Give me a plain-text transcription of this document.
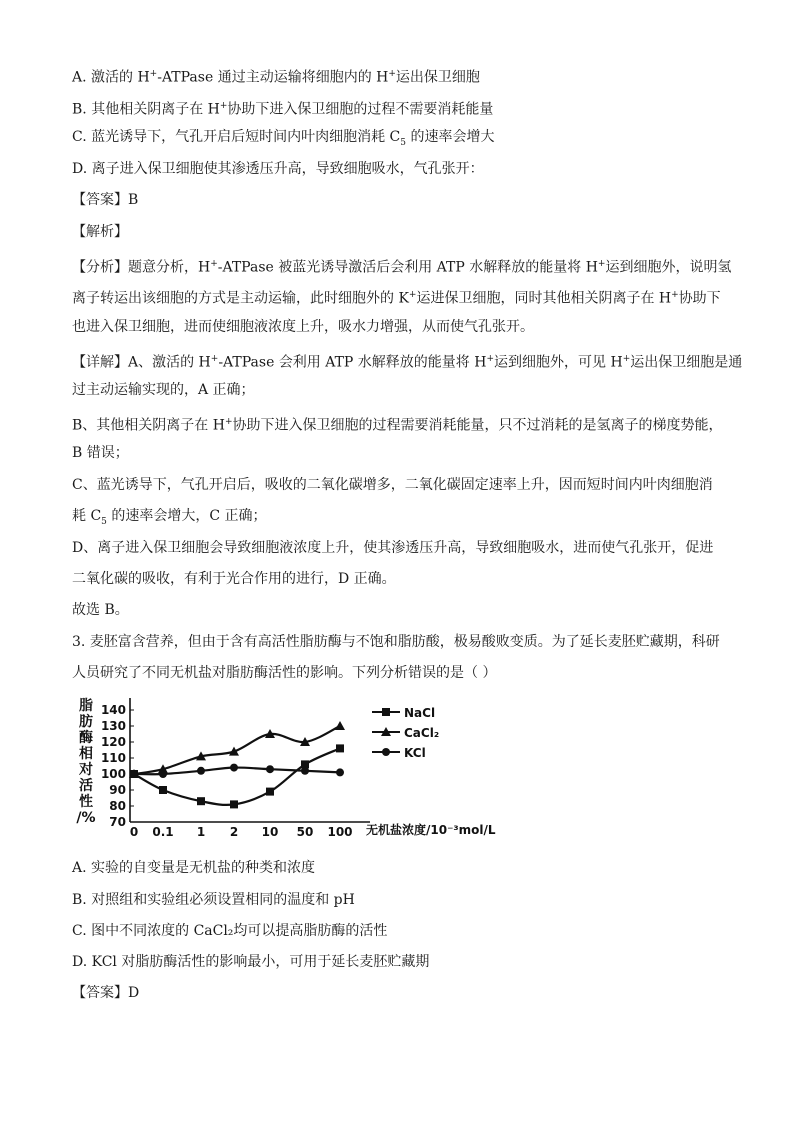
A. 激活的 H+-ATPase 通过主动运输将细胞内的 H+运出保卫细胞
B. 其他相关阴离子在 H+协助下进入保卫细胞的过程不需要消耗能量
C. 蓝光诱导下，气孔开启后短时间内叶肉细胞消耗 $C_5$ 的速率会增大
D. 离子进入保卫细胞使其渗透压升高，导致细胞吸水，气孔张开：
【答案】B
【解析】
【分析】题意分析，H+-ATPase 被蓝光诱导激活后会利用 ATP 水解释放的能量将 H+运到细胞外，说明氢
离子转运出该细胞的方式是主动运输，此时细胞外的 K+运进保卫细胞，同时其他相关阴离子在 H+协助下
也进入保卫细胞，进而使细胞液浓度上升，吸水力增强，从而使气孔张开。
【详解】A、激活的 H+-ATPase 会利用 ATP 水解释放的能量将 H+运到细胞外，可见 H+运出保卫细胞是通
过主动运输实现的，A 正确；
B、其他相关阴离子在 H+协助下进入保卫细胞的过程需要消耗能量，只不过消耗的是氢离子的梯度势能，
B 错误；
C、蓝光诱导下，气孔开启后，吸收的二氧化碳增多，二氧化碳固定速率上升，因而短时间内叶肉细胞消
耗 $C_5$ 的速率会增大，C 正确；
D、离子进入保卫细胞会导致细胞液浓度上升，使其渗透压升高，导致细胞吸水，进而使气孔张开，促进
二氧化碳的吸收，有利于光合作用的进行，D 正确。
故选 B。
3. 麦胚富含营养，但由于含有高活性脂肪酶与不饱和脂肪酸，极易酸败变质。为了延长麦胚贮藏期，科研
人员研究了不同无机盐对脂肪酶活性的影响。下列分析错误的是（ ）
脂
肪
酶
相
对
活
性
/% 70
80
90
100
110
120
130
140
0 0.1 1 2 10 50 100 无机盐浓度/10⁻³mol/L
NaCl
CaCl₂
KCl
A. 实验的自变量是无机盐的种类和浓度
B. 对照组和实验组必须设置相同的温度和 pH
C. 图中不同浓度的 CaCl₂均可以提高脂肪酶的活性
D. KCl 对脂肪酶活性的影响最小，可用于延长麦胚贮藏期
【答案】D
